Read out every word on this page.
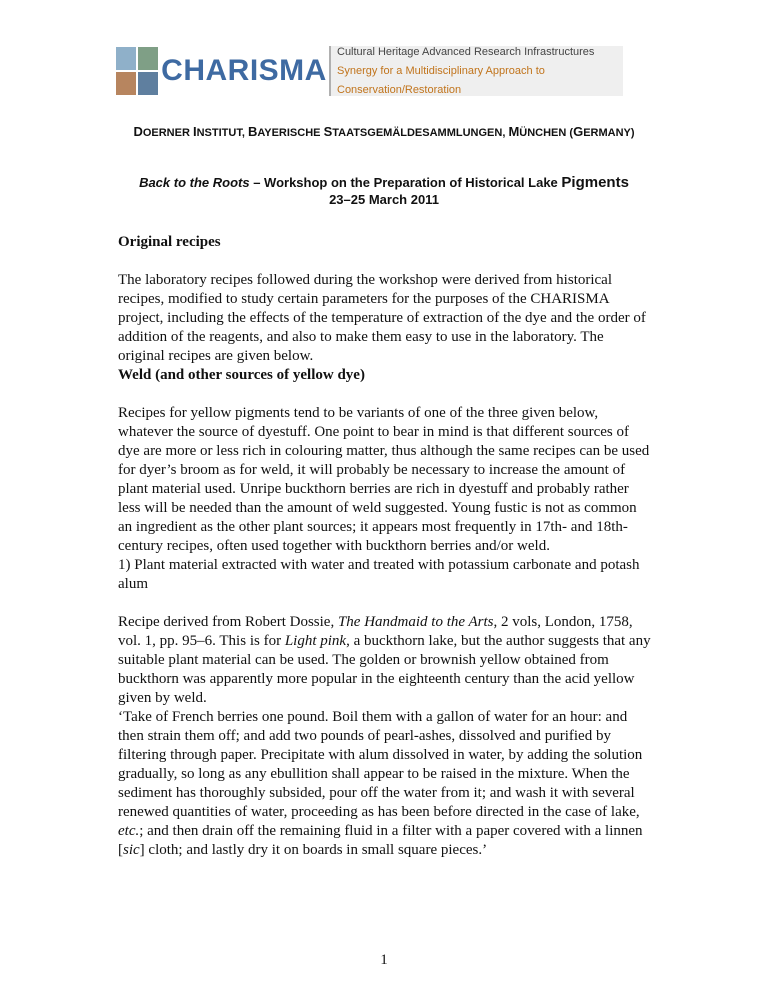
CHARISMA
Cultural Heritage Advanced Research Infrastructures
Synergy for a Multidisciplinary Approach to Conservation/Restoration
DOERNER INSTITUT, BAYERISCHE STAATSGEMÄLDESAMMLUNGEN, MÜNCHEN (GERMANY)
Back to the Roots – Workshop on the Preparation of Historical Lake Pigments
23–25 March 2011
Original recipes

The laboratory recipes followed during the workshop were derived from historical recipes, modified to study certain parameters for the purposes of the CHARISMA project, including the effects of the temperature of extraction of the dye and the order of addition of the reagents, and also to make them easy to use in the laboratory. The original recipes are given below.

Weld (and other sources of yellow dye)

Recipes for yellow pigments tend to be variants of one of the three given below, whatever the source of dyestuff. One point to bear in mind is that different sources of dye are more or less rich in colouring matter, thus although the same recipes can be used for dyer’s broom as for weld, it will probably be necessary to increase the amount of plant material used. Unripe buckthorn berries are rich in dyestuff and probably rather less will be needed than the amount of weld suggested. Young fustic is not as common an ingredient as the other plant sources; it appears most frequently in 17th- and 18th-century recipes, often used together with buckthorn berries and/or weld.

1) Plant material extracted with water and treated with potassium carbonate and potash alum

Recipe derived from Robert Dossie, The Handmaid to the Arts, 2 vols, London, 1758, vol. 1, pp. 95–6. This is for Light pink, a buckthorn lake, but the author suggests that any suitable plant material can be used. The golden or brownish yellow obtained from buckthorn was apparently more popular in the eighteenth century than the acid yellow given by weld.

‘Take of French berries one pound. Boil them with a gallon of water for an hour: and then strain them off; and add two pounds of pearl-ashes, dissolved and purified by filtering through paper. Precipitate with alum dissolved in water, by adding the solution gradually, so long as any ebullition shall appear to be raised in the mixture. When the sediment has thoroughly subsided, pour off the water from it; and wash it with several renewed quantities of water, proceeding as has been before directed in the case of lake, etc.; and then drain off the remaining fluid in a filter with a paper covered with a linnen [sic] cloth; and lastly dry it on boards in small square pieces.’

1
